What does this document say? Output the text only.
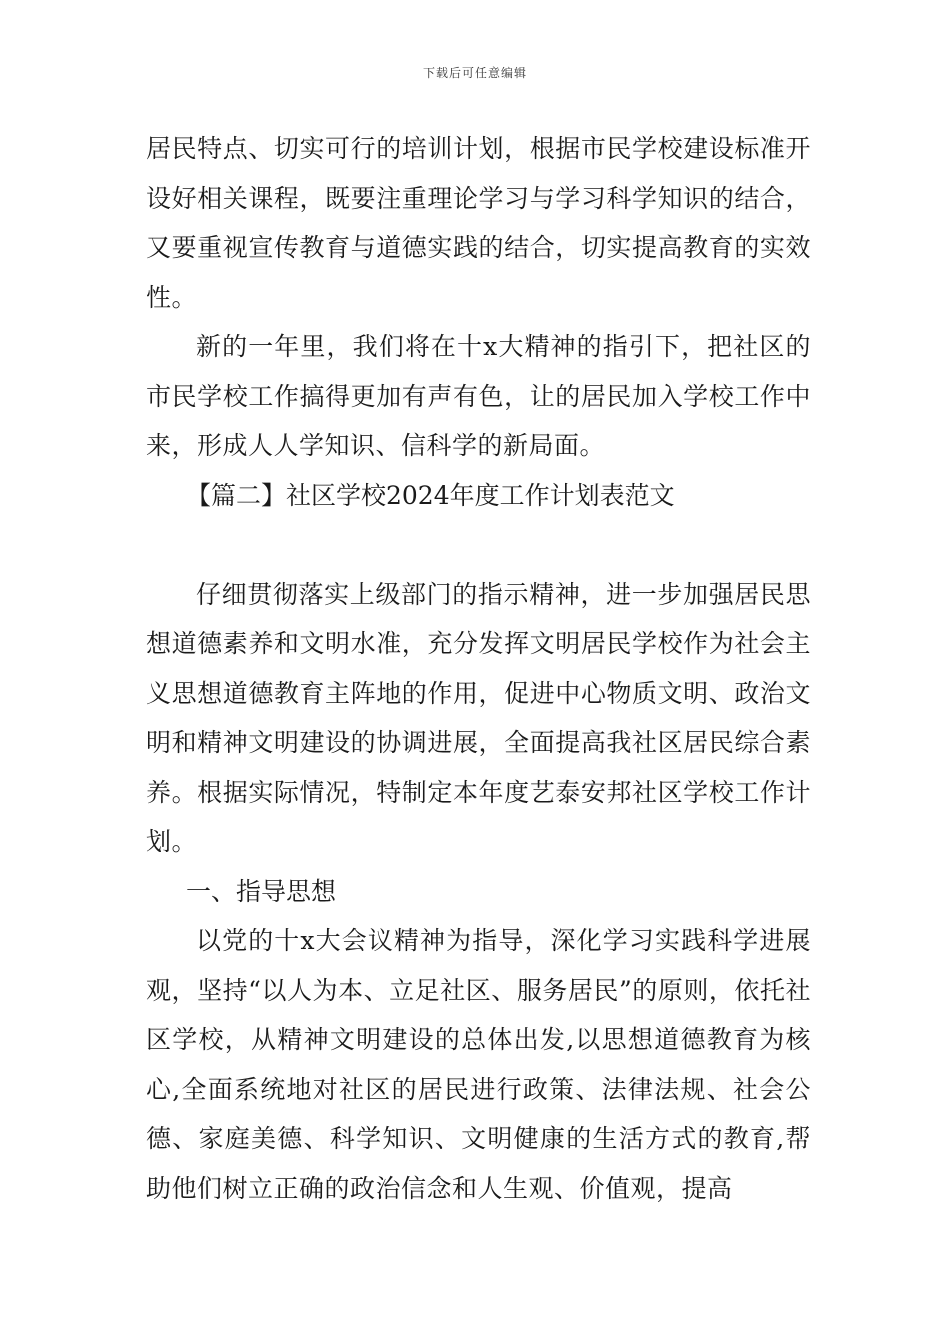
下载后可任意编辑

居民特点、切实可行的培训计划，根据市民学校建设标准开设好相关课程，既要注重理论学习与学习科学知识的结合，又要重视宣传教育与道德实践的结合，切实提高教育的实效性。

新的一年里，我们将在十x大精神的指引下，把社区的市民学校工作搞得更加有声有色，让的居民加入学校工作中来，形成人人学知识、信科学的新局面。

【篇二】社区学校2024年度工作计划表范文

仔细贯彻落实上级部门的指示精神，进一步加强居民思想道德素养和文明水准，充分发挥文明居民学校作为社会主义思想道德教育主阵地的作用，促进中心物质文明、政治文明和精神文明建设的协调进展，全面提高我社区居民综合素养。根据实际情况，特制定本年度艺泰安邦社区学校工作计划。

一、指导思想

以党的十x大会议精神为指导，深化学习实践科学进展观，坚持“以人为本、立足社区、服务居民”的原则，依托社区学校，从精神文明建设的总体出发,以思想道德教育为核心,全面系统地对社区的居民进行政策、法律法规、社会公德、家庭美德、科学知识、文明健康的生活方式的教育,帮助他们树立正确的政治信念和人生观、价值观，提高
